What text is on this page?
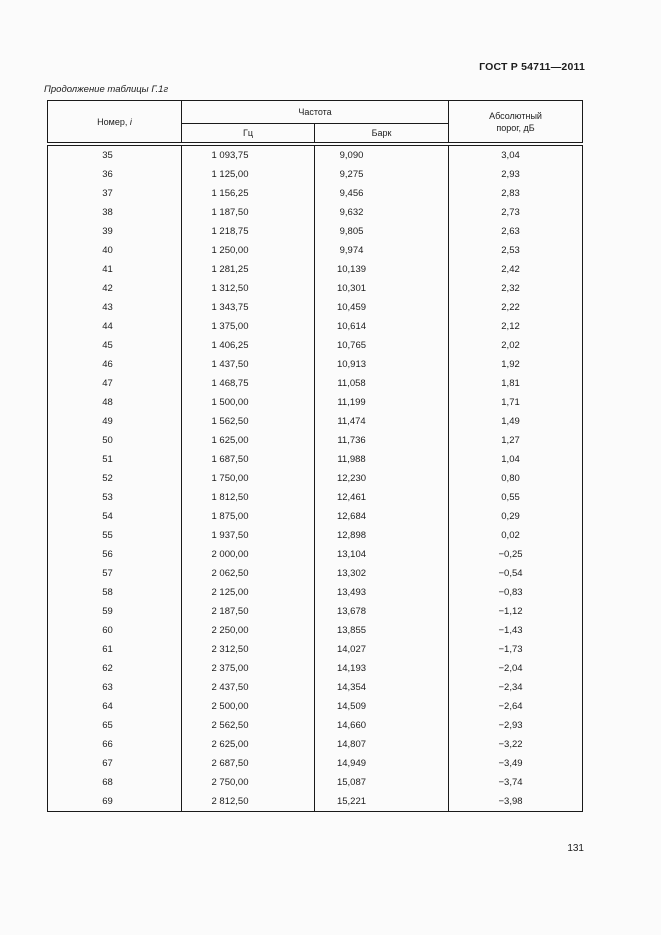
ГОСТ Р 54711—2011
Продолжение таблицы Г.1г
Номер, i	Частота		Абсолютный
порог, дБ

	Гц	Барк	
35	1 093,75	9,090	3,04
36	1 125,00	9,275	2,93
37	1 156,25	9,456	2,83
38	1 187,50	9,632	2,73
39	1 218,75	9,805	2,63
40	1 250,00	9,974	2,53
41	1 281,25	10,139	2,42
42	1 312,50	10,301	2,32
43	1 343,75	10,459	2,22
44	1 375,00	10,614	2,12
45	1 406,25	10,765	2,02
46	1 437,50	10,913	1,92
47	1 468,75	11,058	1,81
48	1 500,00	11,199	1,71
49	1 562,50	11,474	1,49
50	1 625,00	11,736	1,27
51	1 687,50	11,988	1,04
52	1 750,00	12,230	0,80
53	1 812,50	12,461	0,55
54	1 875,00	12,684	0,29
55	1 937,50	12,898	0,02
56	2 000,00	13,104	−0,25
57	2 062,50	13,302	−0,54
58	2 125,00	13,493	−0,83
59	2 187,50	13,678	−1,12
60	2 250,00	13,855	−1,43
61	2 312,50	14,027	−1,73
62	2 375,00	14,193	−2,04
63	2 437,50	14,354	−2,34
64	2 500,00	14,509	−2,64
65	2 562,50	14,660	−2,93
66	2 625,00	14,807	−3,22
67	2 687,50	14,949	−3,49
68	2 750,00	15,087	−3,74
69	2 812,50	15,221	−3,98
131
